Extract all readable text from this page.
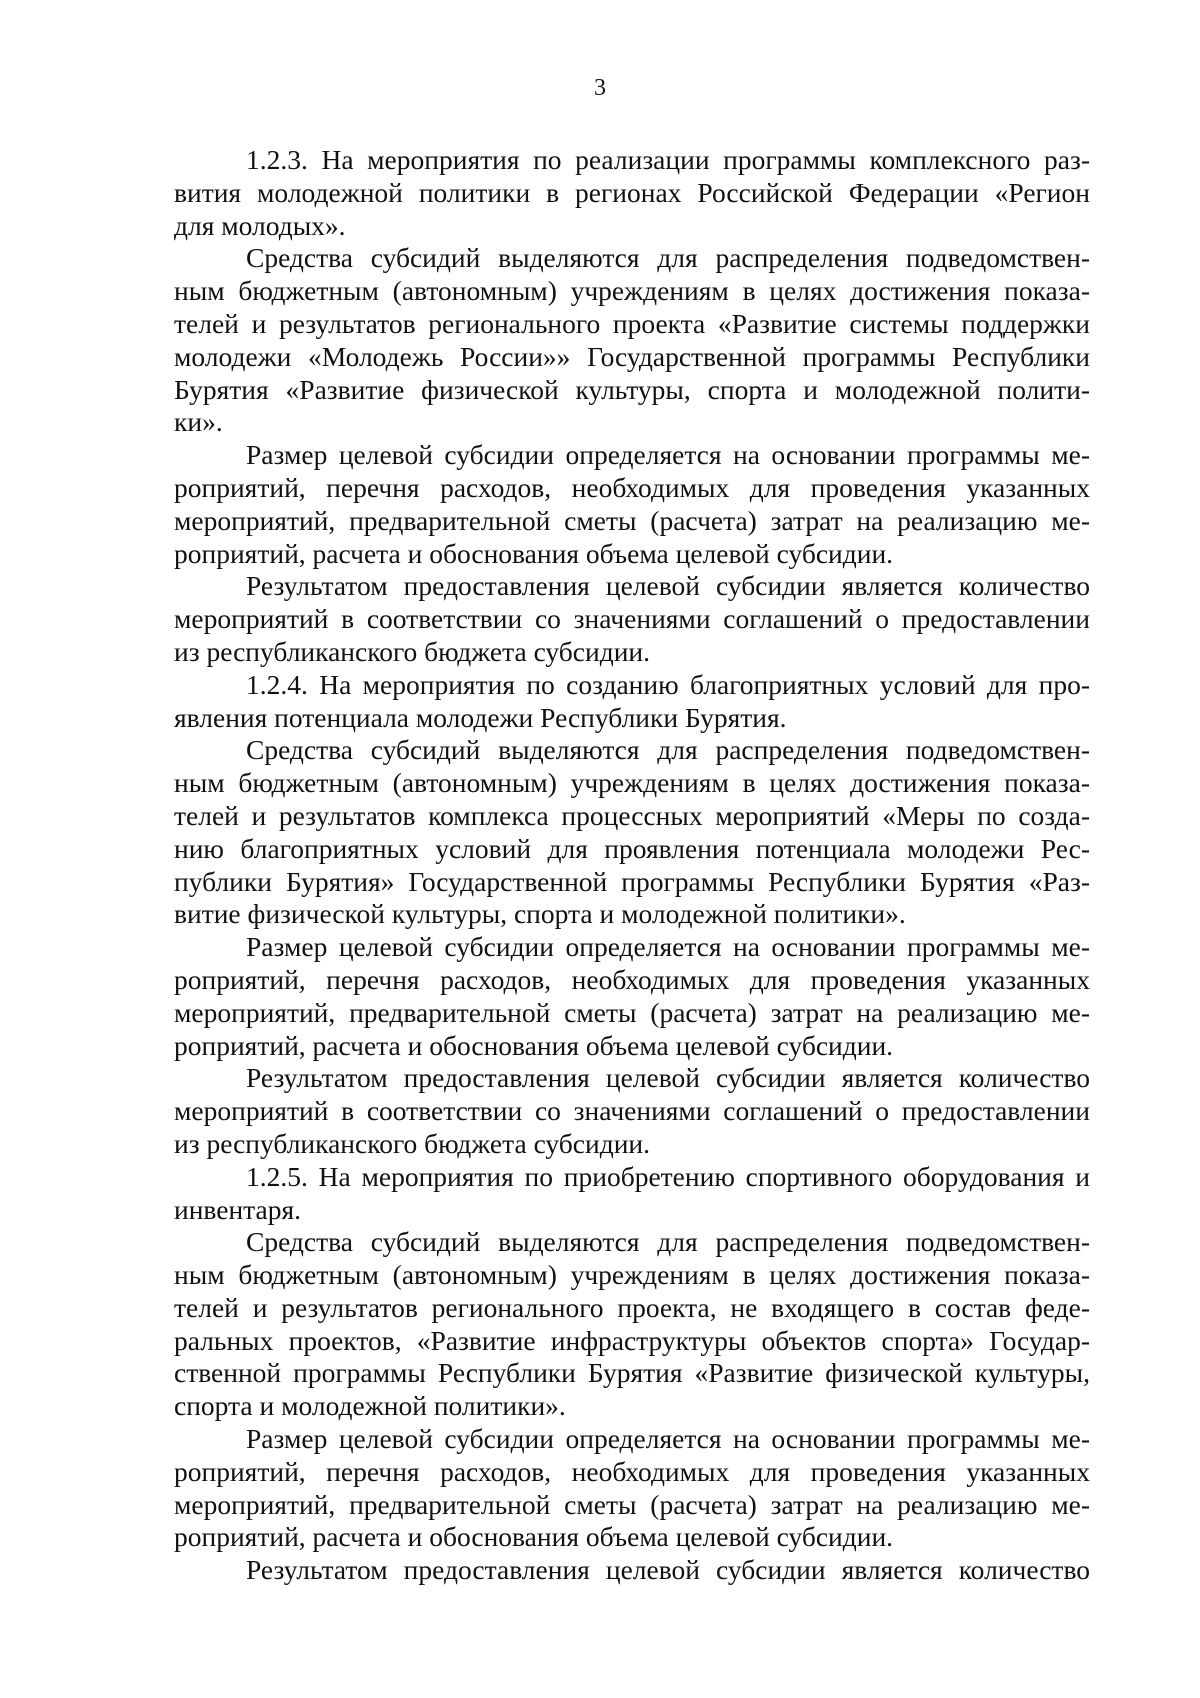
3
1.2.3. На мероприятия по реализации программы комплексного раз-
вития молодежной политики в регионах Российской Федерации «Регион
для молодых».
Средства субсидий выделяются для распределения подведомствен-
ным бюджетным (автономным) учреждениям в целях достижения показа-
телей и результатов регионального проекта «Развитие системы поддержки
молодежи «Молодежь России»» Государственной программы Республики
Бурятия «Развитие физической культуры, спорта и молодежной полити-
ки».
Размер целевой субсидии определяется на основании программы ме-
роприятий, перечня расходов, необходимых для проведения указанных
мероприятий, предварительной сметы (расчета) затрат на реализацию ме-
роприятий, расчета и обоснования объема целевой субсидии.
Результатом предоставления целевой субсидии является количество
мероприятий в соответствии со значениями соглашений о предоставлении
из республиканского бюджета субсидии.
1.2.4. На мероприятия по созданию благоприятных условий для про-
явления потенциала молодежи Республики Бурятия.
Средства субсидий выделяются для распределения подведомствен-
ным бюджетным (автономным) учреждениям в целях достижения показа-
телей и результатов комплекса процессных мероприятий «Меры по созда-
нию благоприятных условий для проявления потенциала молодежи Рес-
публики Бурятия» Государственной программы Республики Бурятия «Раз-
витие физической культуры, спорта и молодежной политики».
Размер целевой субсидии определяется на основании программы ме-
роприятий, перечня расходов, необходимых для проведения указанных
мероприятий, предварительной сметы (расчета) затрат на реализацию ме-
роприятий, расчета и обоснования объема целевой субсидии.
Результатом предоставления целевой субсидии является количество
мероприятий в соответствии со значениями соглашений о предоставлении
из республиканского бюджета субсидии.
1.2.5. На мероприятия по приобретению спортивного оборудования и
инвентаря.
Средства субсидий выделяются для распределения подведомствен-
ным бюджетным (автономным) учреждениям в целях достижения показа-
телей и результатов регионального проекта, не входящего в состав феде-
ральных проектов, «Развитие инфраструктуры объектов спорта» Государ-
ственной программы Республики Бурятия «Развитие физической культуры,
спорта и молодежной политики».
Размер целевой субсидии определяется на основании программы ме-
роприятий, перечня расходов, необходимых для проведения указанных
мероприятий, предварительной сметы (расчета) затрат на реализацию ме-
роприятий, расчета и обоснования объема целевой субсидии.
Результатом предоставления целевой субсидии является количество
